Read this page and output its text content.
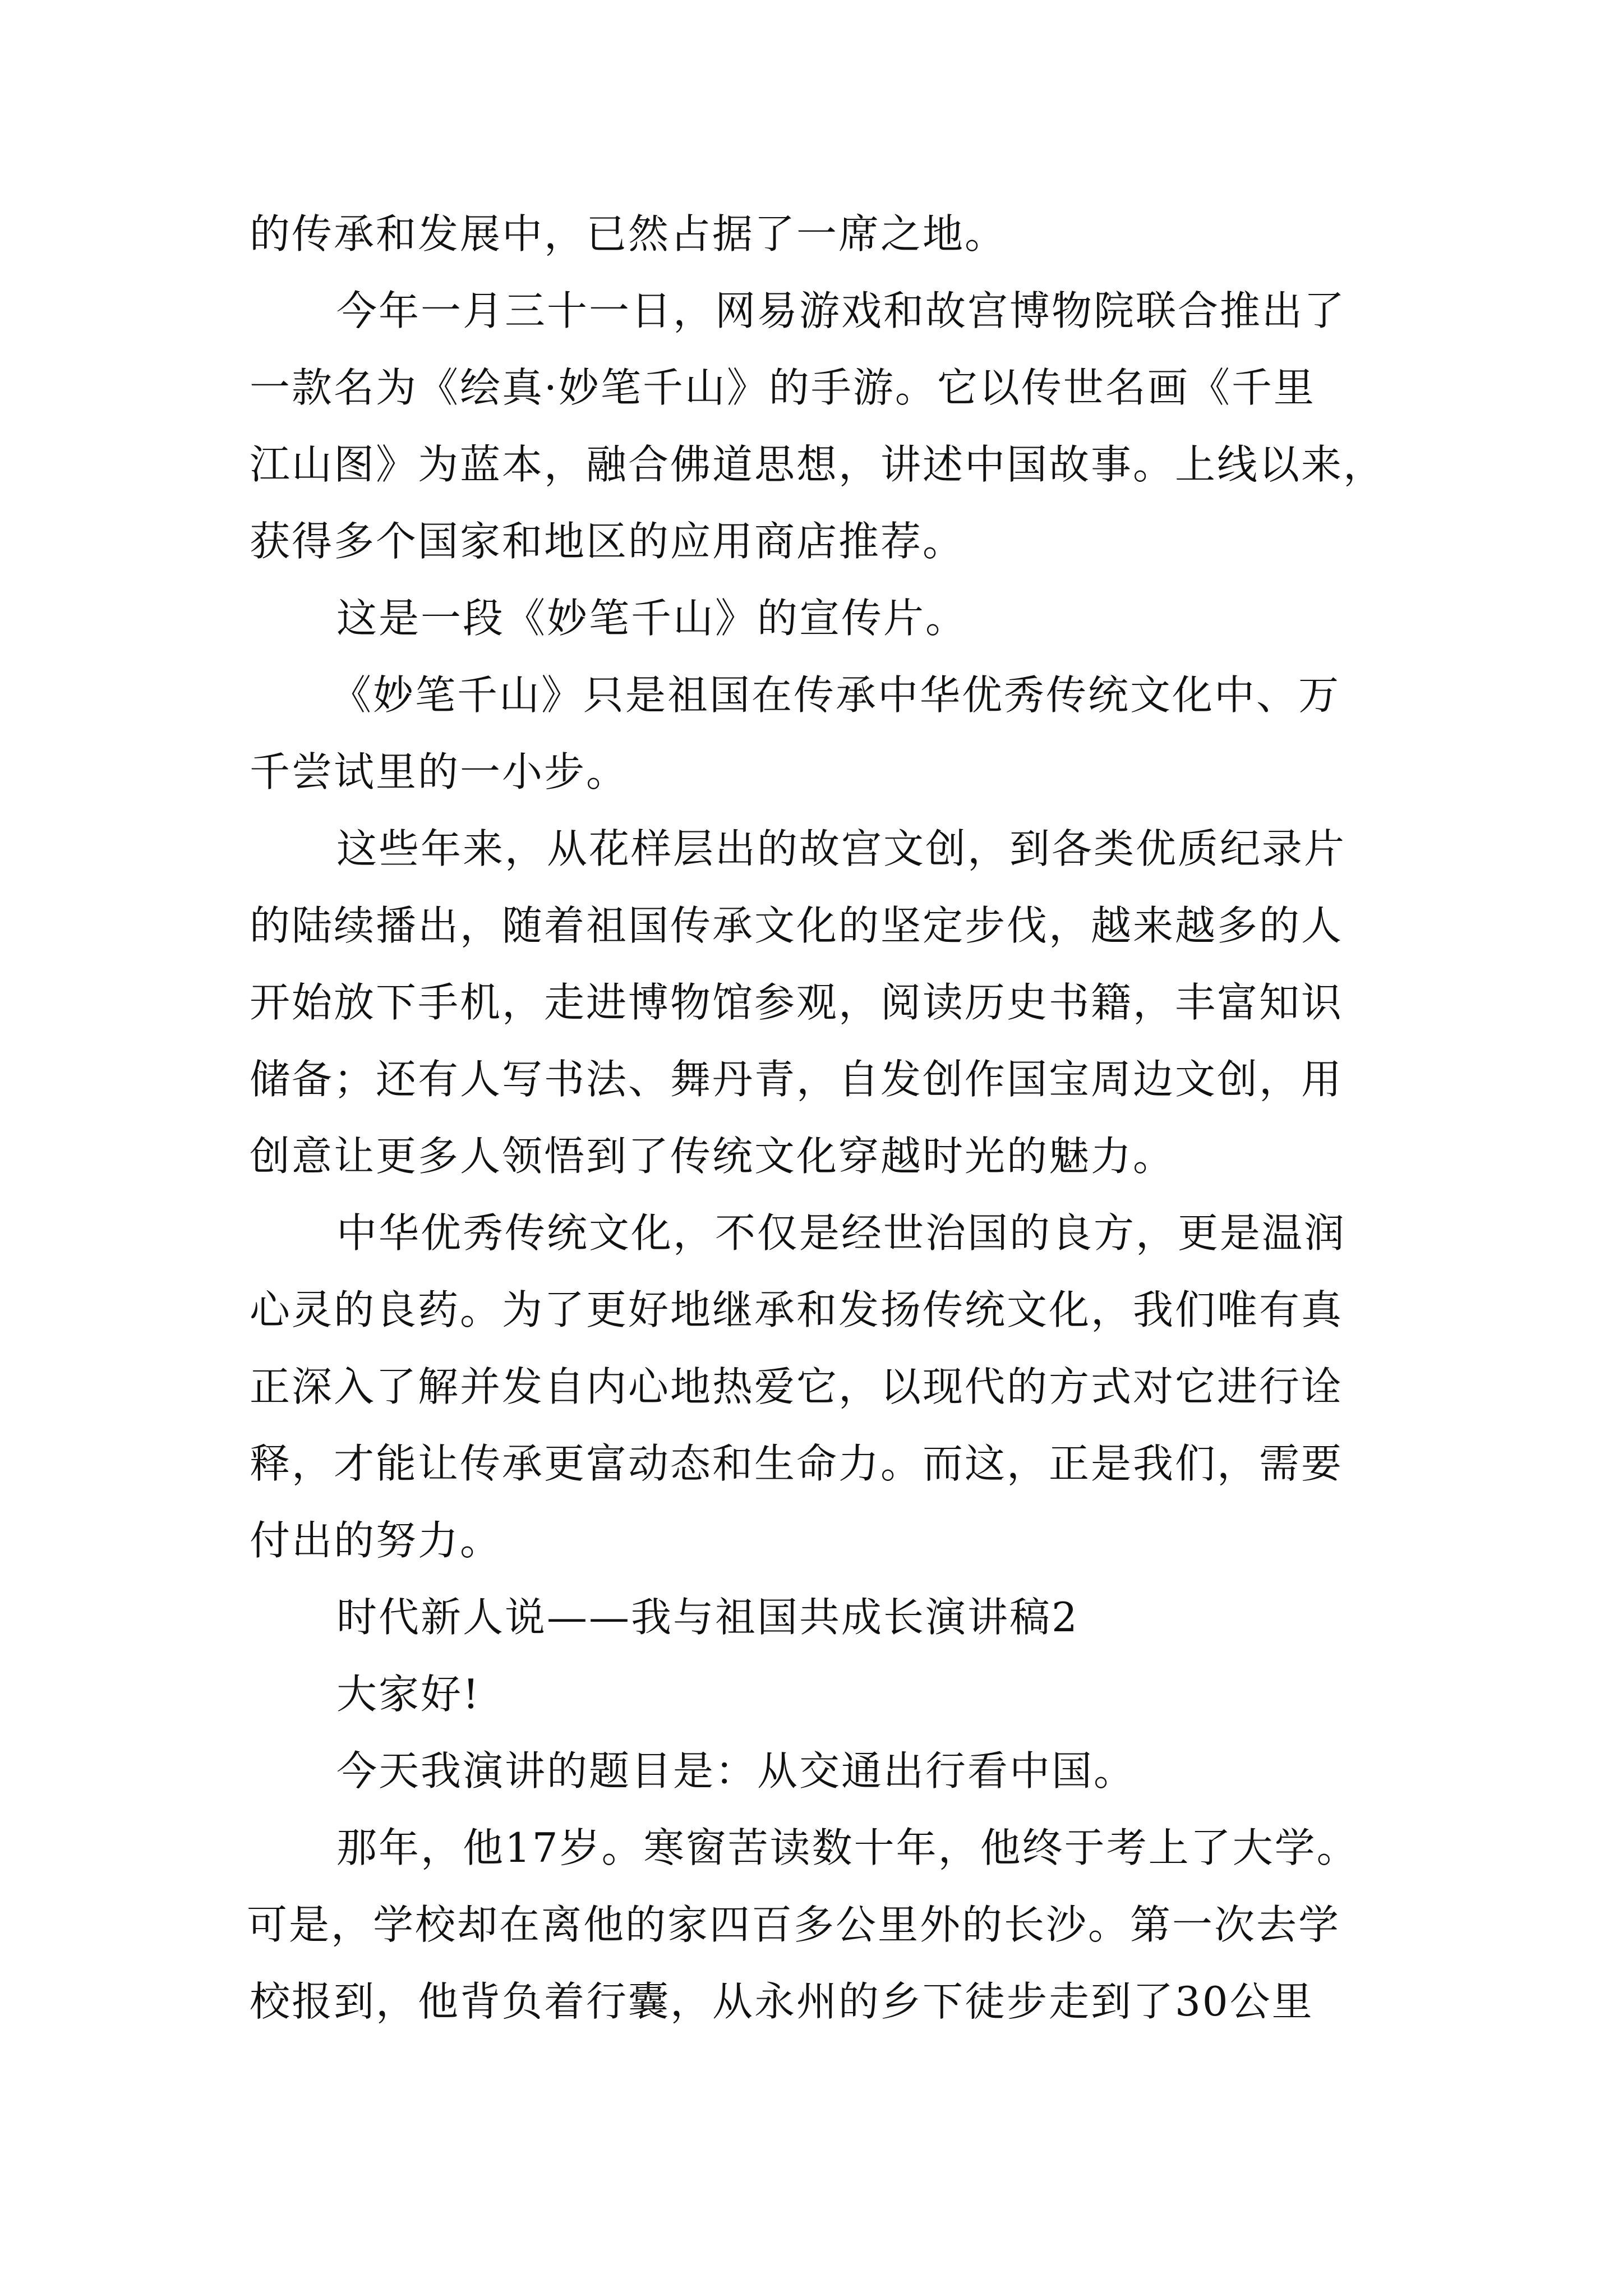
的传承和发展中，已然占据了一席之地。
今年一月三十一日，网易游戏和故宫博物院联合推出了
一款名为《绘真·妙笔千山》的手游。它以传世名画《千里
江山图》为蓝本，融合佛道思想，讲述中国故事。上线以来，
获得多个国家和地区的应用商店推荐。
这是一段《妙笔千山》的宣传片。
《妙笔千山》只是祖国在传承中华优秀传统文化中、万
千尝试里的一小步。
这些年来，从花样层出的故宫文创，到各类优质纪录片
的陆续播出，随着祖国传承文化的坚定步伐，越来越多的人
开始放下手机，走进博物馆参观，阅读历史书籍，丰富知识
储备；还有人写书法、舞丹青，自发创作国宝周边文创，用
创意让更多人领悟到了传统文化穿越时光的魅力。
中华优秀传统文化，不仅是经世治国的良方，更是温润
心灵的良药。为了更好地继承和发扬传统文化，我们唯有真
正深入了解并发自内心地热爱它，以现代的方式对它进行诠
释，才能让传承更富动态和生命力。而这，正是我们，需要
付出的努力。
时代新人说——我与祖国共成长演讲稿2
大家好!
今天我演讲的题目是：从交通出行看中国。
那年，他17岁。寒窗苦读数十年，他终于考上了大学。
可是，学校却在离他的家四百多公里外的长沙。第一次去学
校报到，他背负着行囊，从永州的乡下徒步走到了30公里
